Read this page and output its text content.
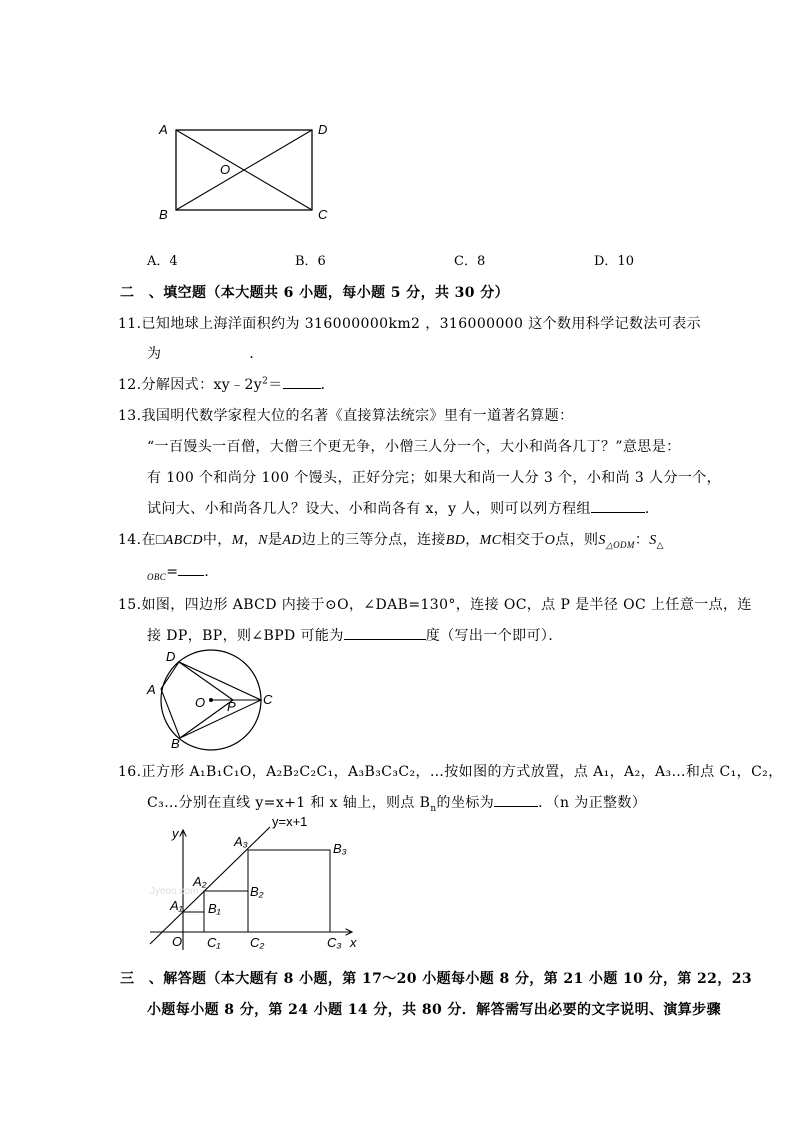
A	D
O
B	C
A．4	B．6	C．8	D．10
二　、填空题（本大题共 6 小题，每小题 5 分，共 30 分）
11.已知地球上海洋面积约为 316000000km2 ，316000000 这个数用科学记数法可表示
为	．
12.分解因式：$xy﹣2y^2=$	．
13.我国明代数学家程大位的名著《直接算法统宗》里有一道著名算题：
“一百馒头一百僧，大僧三个更无争，小僧三人分一个，大小和尚各几丁？”意思是：
有 100 个和尚分 100 个馒头，正好分完；如果大和尚一人分 3 个，小和尚 3 人分一个，
试问大、小和尚各几人？设大、小和尚各有 x，y 人，则可以列方程组	．
14.在□ABCD中，M，N是AD边上的三等分点，连接BD，MC相交于O点，则$S_{\triangle ODM}$：$S_\triangle$
$_{OBC}$= ．
15.如图，四边形 ABCD 内接于⊙O，∠DAB=130°，连接 OC，点 P 是半径 OC 上任意一点，连
接 DP，BP，则∠BPD 可能为	度（写出一个即可）．
D
A
O P C
B
16.正方形 A₁B₁C₁O，A₂B₂C₂C₁，A₃B₃C₃C₂，…按如图的方式放置，点 A₁，A₂，A₃…和点 C₁，C₂，
C₃…分别在直线 y=x+1 和 x 轴上，则点 $B_n$的坐标为	．（n 为正整数）
Jyeoo.com
y=x+1
y
A₃	B₃
A₂
B₂
A₁ B₁
O C₁ C₂	C₃ x
三　、解答题（本大题有 8 小题，第 17～20 小题每小题 8 分，第 21 小题 10 分，第 22，23
小题每小题 8 分，第 24 小题 14 分，共 80 分．解答需写出必要的文字说明、演算步骤
